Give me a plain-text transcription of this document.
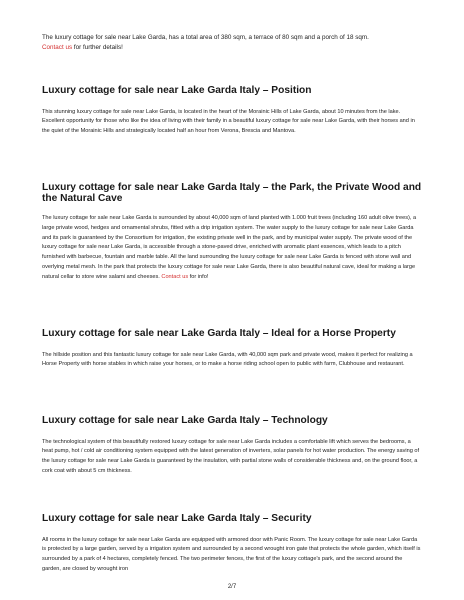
The luxury cottage for sale near Lake Garda, has a total area of 380 sqm, a terrace of 80 sqm and a porch of 18 sqm.
Contact us for further details!

Luxury cottage for sale near Lake Garda Italy – Position

This stunning luxury cottage for sale near Lake Garda, is located in the heart of the Morainic Hills of Lake Garda, about 10 minutes from the lake. Excellent opportunity for those who like the idea of living with their family in a beautiful luxury cottage for sale near Lake Garda, with their horses and in the quiet of the Morainic Hills and strategically located half an hour from Verona, Brescia and Mantova.

Luxury cottage for sale near Lake Garda Italy – the Park, the Private Wood and the Natural Cave

The luxury cottage for sale near Lake Garda is surrounded by about 40,000 sqm of land planted with 1.000 fruit trees (including 160 adult olive trees), a large private wood, hedges and ornamental shrubs, fitted with a drip irrigation system. The water supply to the luxury cottage for sale near Lake Garda and its park is guaranteed by the Consortium for irrigation, the existing private well in the park, and by municipal water supply. The private wood of the luxury cottage for sale near Lake Garda, is accessible through a stone-paved drive, enriched with aromatic plant essences, which leads to a pitch furnished with barbecue, fountain and marble table. All the land surrounding the luxury cottage for sale near Lake Garda is fenced with stone wall and overlying metal mesh. In the park that protects the luxury cottage for sale near Lake Garda, there is also beautiful natural cave, ideal for making a large natural cellar to store wine salami and cheeses. Contact us for info!

Luxury cottage for sale near Lake Garda Italy – Ideal for a Horse Property

The hillside position and this fantastic luxury cottage for sale near Lake Garda, with 40,000 sqm park and private wood, makes it perfect for realizing a Horse Property with horse stables in which raise your horses, or to make a horse riding school open to public with farm, Clubhouse and restaurant.

Luxury cottage for sale near Lake Garda Italy – Technology

The technological system of this beautifully restored luxury cottage for sale near Lake Garda includes a comfortable lift which serves the bedrooms, a heat pump, hot / cold air conditioning system equipped with the latest generation of inverters, solar panels for hot water production. The energy saving of the luxury cottage for sale near Lake Garda is guaranteed by the insulation, with partial stone walls of considerable thickness and, on the ground floor, a cork coat with about 5 cm thickness.

Luxury cottage for sale near Lake Garda Italy – Security

All rooms in the luxury cottage for sale near Lake Garda are equipped with armored door with Panic Room. The luxury cottage for sale near Lake Garda is protected by a large garden, served by a irrigation system and surrounded by a second wrought iron gate that protects the whole garden, which itself is surrounded by a park of 4 hectares, completely fenced. The two perimeter fences, the first of the luxury cottage's park, and the second around the garden, are closed by wrought iron

2/7
